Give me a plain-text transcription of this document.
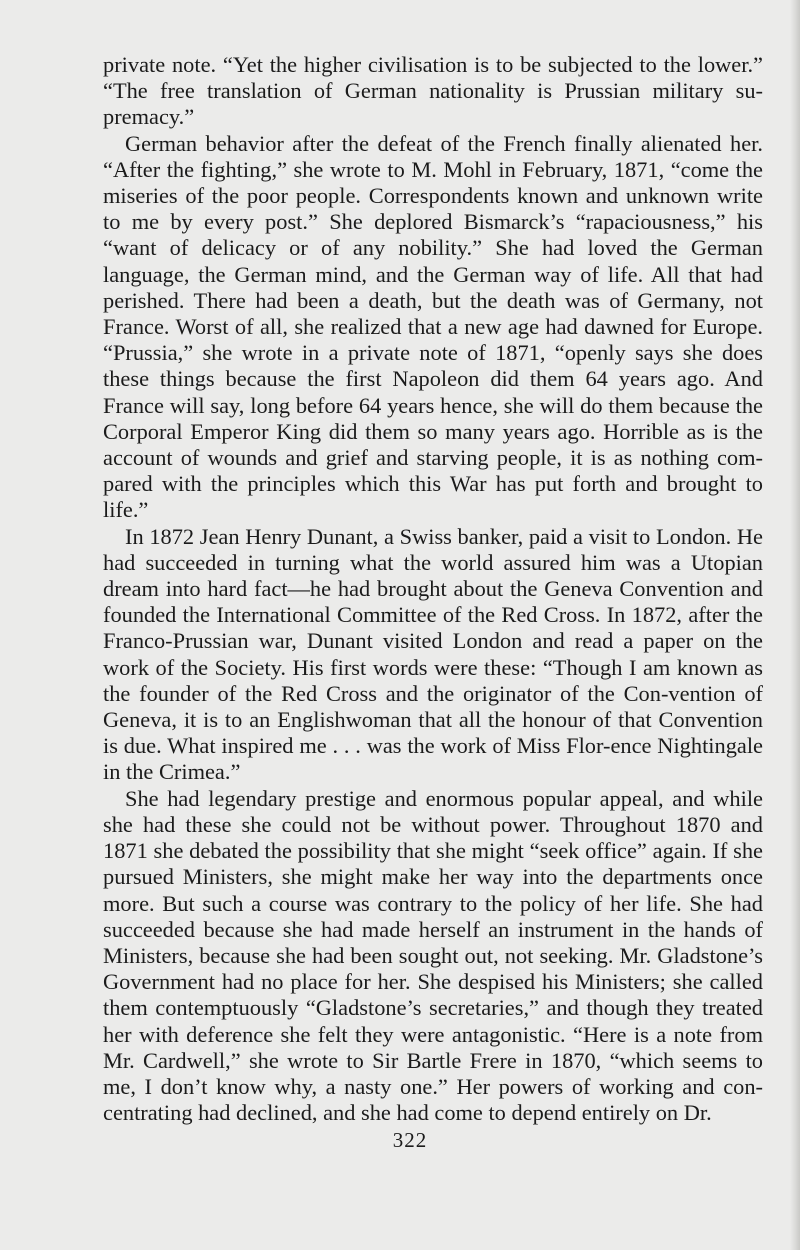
private note. “Yet the higher civilisation is to be subjected to the lower.” “The free translation of German nationality is Prussian military su-premacy.”

German behavior after the defeat of the French finally alienated her. “After the fighting,” she wrote to M. Mohl in February, 1871, “come the miseries of the poor people. Correspondents known and unknown write to me by every post.” She deplored Bismarck’s “rapaciousness,” his “want of delicacy or of any nobility.” She had loved the German language, the German mind, and the German way of life. All that had perished. There had been a death, but the death was of Germany, not France. Worst of all, she realized that a new age had dawned for Europe. “Prussia,” she wrote in a private note of 1871, “openly says she does these things because the first Napoleon did them 64 years ago. And France will say, long before 64 years hence, she will do them because the Corporal Emperor King did them so many years ago. Horrible as is the account of wounds and grief and starving people, it is as nothing com-pared with the principles which this War has put forth and brought to life.”

In 1872 Jean Henry Dunant, a Swiss banker, paid a visit to London. He had succeeded in turning what the world assured him was a Utopian dream into hard fact—he had brought about the Geneva Convention and founded the International Committee of the Red Cross. In 1872, after the Franco-Prussian war, Dunant visited London and read a paper on the work of the Society. His first words were these: “Though I am known as the founder of the Red Cross and the originator of the Con-vention of Geneva, it is to an Englishwoman that all the honour of that Convention is due. What inspired me . . . was the work of Miss Flor-ence Nightingale in the Crimea.”

She had legendary prestige and enormous popular appeal, and while she had these she could not be without power. Throughout 1870 and 1871 she debated the possibility that she might “seek office” again. If she pursued Ministers, she might make her way into the departments once more. But such a course was contrary to the policy of her life. She had succeeded because she had made herself an instrument in the hands of Ministers, because she had been sought out, not seeking. Mr. Gladstone’s Government had no place for her. She despised his Ministers; she called them contemptuously “Gladstone’s secretaries,” and though they treated her with deference she felt they were antagonistic. “Here is a note from Mr. Cardwell,” she wrote to Sir Bartle Frere in 1870, “which seems to me, I don’t know why, a nasty one.” Her powers of working and con-centrating had declined, and she had come to depend entirely on Dr.

322
